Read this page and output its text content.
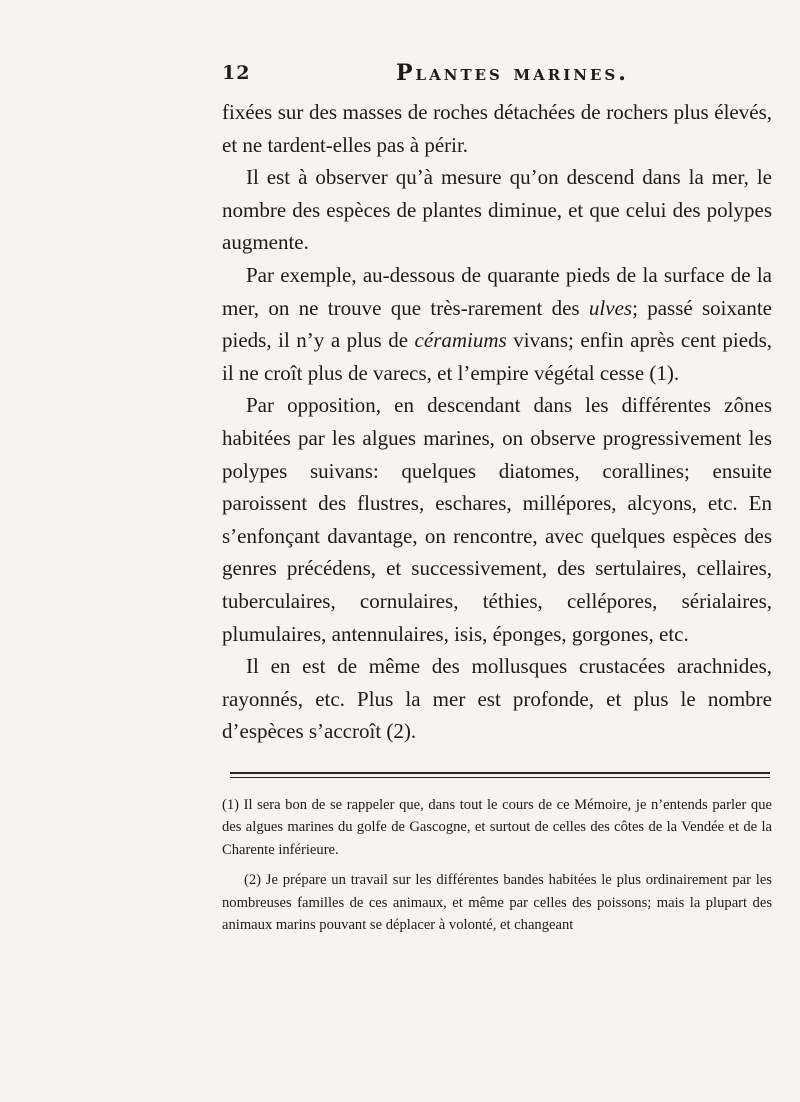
12	Plantes marines.

fixées sur des masses de roches détachées de rochers plus élevés, et ne tardent-elles pas à périr.

Il est à observer qu’à mesure qu’on descend dans la mer, le nombre des espèces de plantes diminue, et que celui des polypes augmente.

Par exemple, au-dessous de quarante pieds de la surface de la mer, on ne trouve que très-rarement des ulves; passé soixante pieds, il n’y a plus de céramiums vivans; enfin après cent pieds, il ne croît plus de varecs, et l’empire végétal cesse (1).

Par opposition, en descendant dans les différentes zônes habitées par les algues marines, on observe progressivement les polypes suivans: quelques diatomes, corallines; ensuite paroissent des flustres, eschares, millépores, alcyons, etc. En s’enfonçant davantage, on rencontre, avec quelques espèces des genres précédens, et successivement, des sertulaires, cellaires, tuberculaires, cornulaires, téthies, cellépores, sérialaires, plumulaires, antennulaires, isis, éponges, gorgones, etc.

Il en est de même des mollusques crustacées arachnides, rayonnés, etc. Plus la mer est profonde, et plus le nombre d’espèces s’accroît (2).

(1) Il sera bon de se rappeler que, dans tout le cours de ce Mémoire, je n’entends parler que des algues marines du golfe de Gascogne, et surtout de celles des côtes de la Vendée et de la Charente inférieure.

(2) Je prépare un travail sur les différentes bandes habitées le plus ordinairement par les nombreuses familles de ces animaux, et même par celles des poissons; mais la plupart des animaux marins pouvant se déplacer à volonté, et changeant
